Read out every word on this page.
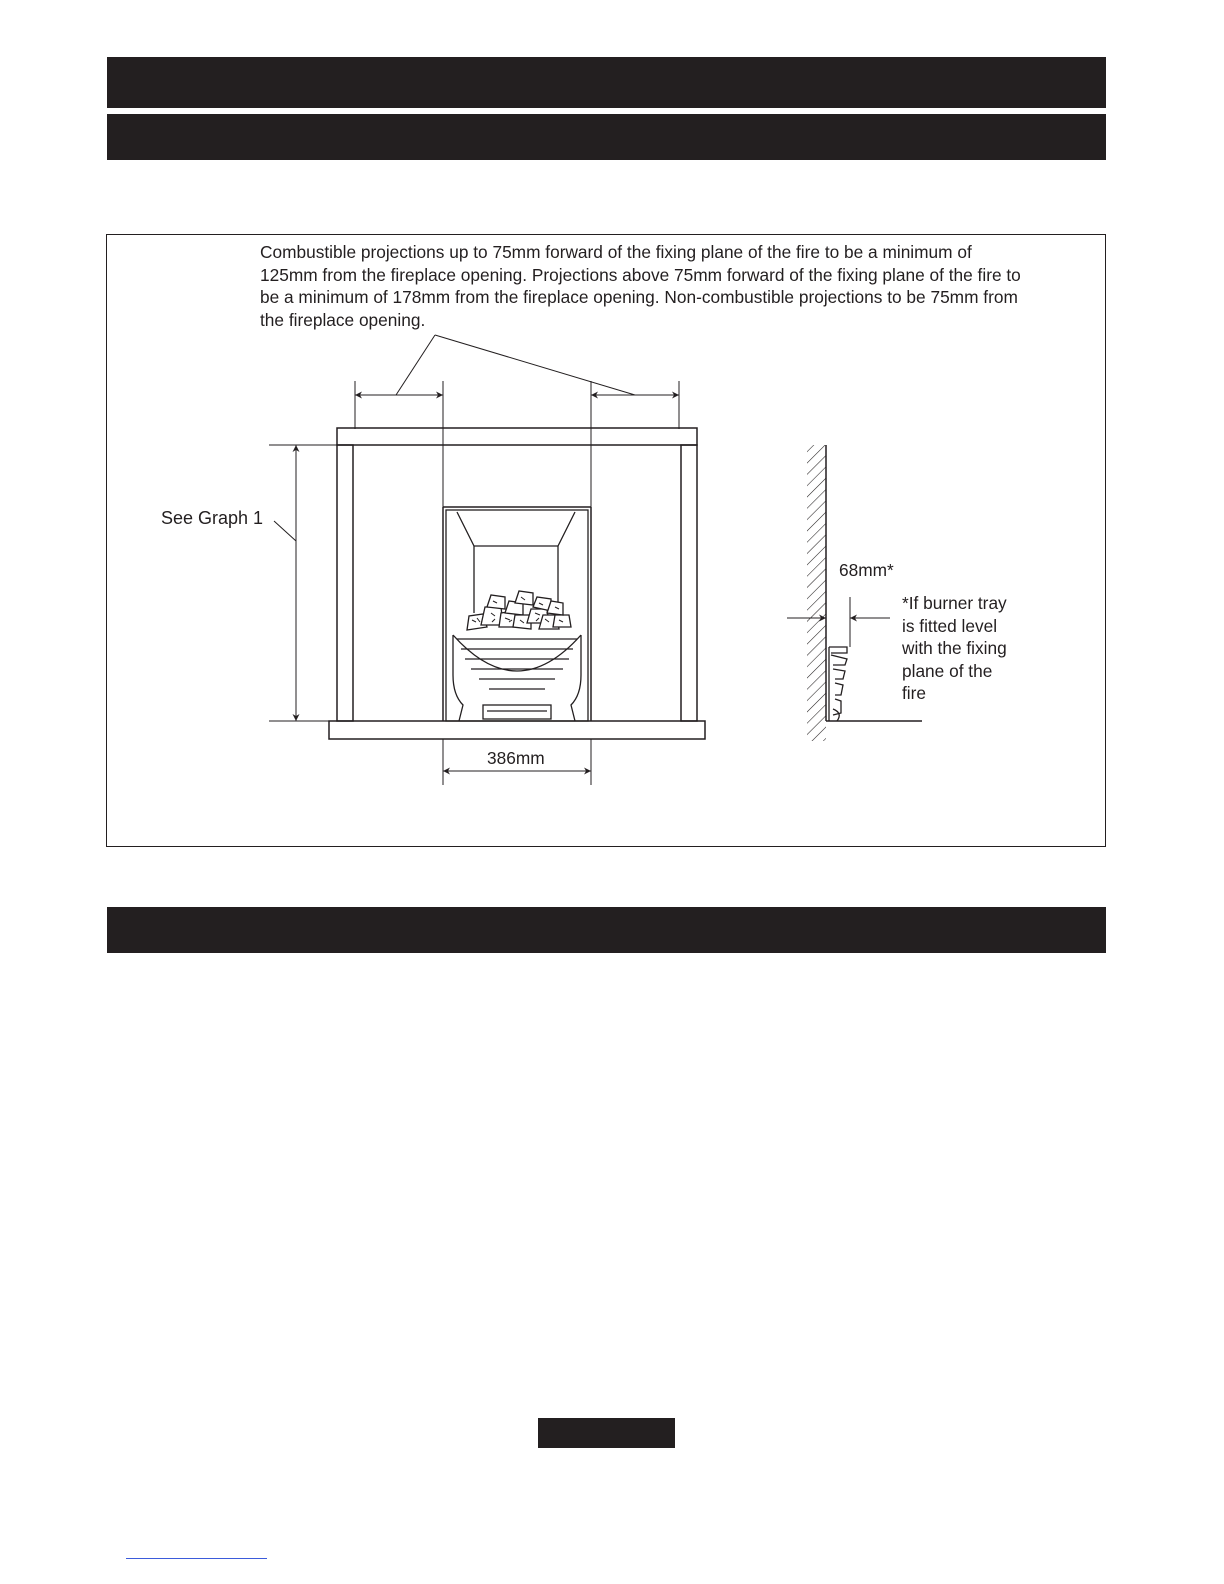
Combustible projections up to 75mm forward of the fixing plane of the fire to be a minimum of 125mm from the fireplace opening. Projections above 75mm forward of the fixing plane of the fire to be a minimum of 178mm from the fireplace opening. Non-combustible projections to be 75mm from the fireplace opening.

See Graph 1
386mm
68mm*
*If burner tray
is fitted level
with the fixing
plane of the
fire
